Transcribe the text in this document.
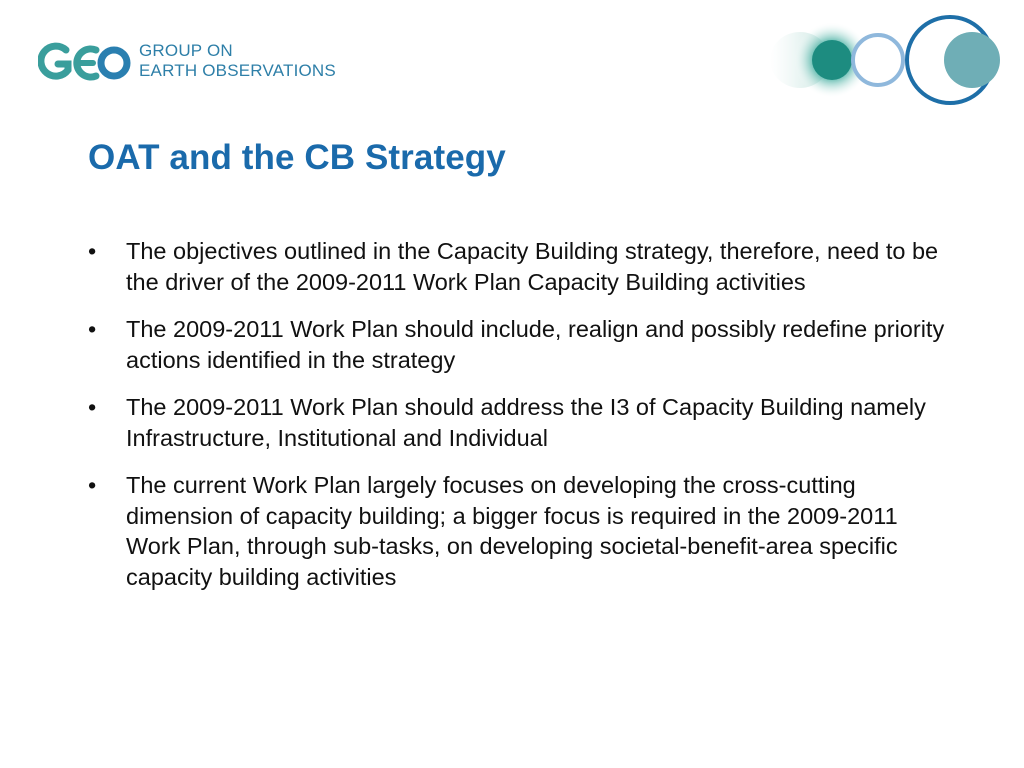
GROUP ON
EARTH OBSERVATIONS
OAT and the CB Strategy
• The objectives outlined in the Capacity Building strategy, therefore, need to be the driver of the 2009-2011 Work Plan Capacity Building activities
• The 2009-2011 Work Plan should include, realign and possibly redefine priority actions identified in the strategy
• The 2009-2011 Work Plan should address the I3 of Capacity Building namely Infrastructure, Institutional and Individual
• The current Work Plan largely focuses on developing the cross-cutting dimension of capacity building; a bigger focus is required in the 2009-2011 Work Plan, through sub-tasks, on developing societal-benefit-area specific capacity building activities
